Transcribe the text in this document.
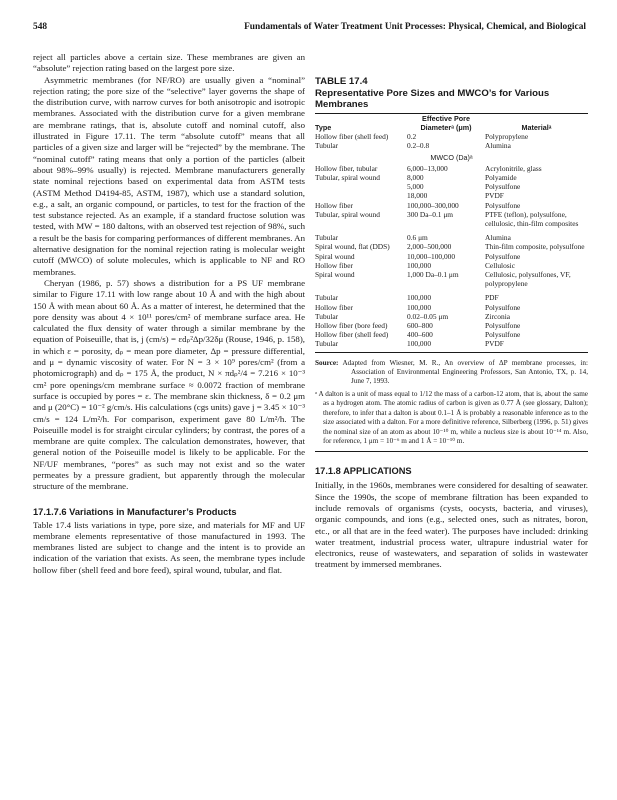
548	Fundamentals of Water Treatment Unit Processes: Physical, Chemical, and Biological

reject all particles above a certain size. These membranes are given an “absolute” rejection rating based on the largest pore size.

Asymmetric membranes (for NF/RO) are usually given a “nominal” rejection rating; the pore size of the “selective” layer governs the shape of the distribution curve, with narrow curves for both anisotropic and isotropic membranes. Associated with the distribution curve for a given membrane are membrane ratings, that is, absolute cutoff and nominal cutoff, also illustrated in Figure 17.11. The term “absolute cutoff” means that all particles of a given size and larger will be “rejected” by the membrane. The “nominal cutoff” rating means that only a portion of the particles (albeit about 98%–99% usually) is rejected. Membrane manufacturers generally state nominal rejections based on experimental data from ASTM tests (ASTM Method D4194-85, ASTM, 1987), which use a standard solution, e.g., a salt, an organic compound, or particles, to test for the fraction of the test substance rejected. As an example, if a standard fructose solution was tested, with MW = 180 daltons, with an observed test rejection of 98%, such a result be the basis for comparing performances of different membranes. An alternative designation for the nominal rejection rating is molecular weight cutoff (MWCO) of solute molecules, which is applicable to NF and RO membranes.

Cheryan (1986, p. 57) shows a distribution for a PS UF membrane similar to Figure 17.11 with low range about 10 Å and with the high about 150 Å with mean about 60 Å. As a matter of interest, he determined that the pore density was about 4 × 10¹¹ pores/cm² of membrane surface area. He calculated the flux density of water through a similar membrane by the equation of Poiseuille, that is, j (cm/s) = εdₚ²Δp/32δμ (Rouse, 1946, p. 158), in which ε = porosity, dₚ = mean pore diameter, Δp = pressure differential, and μ = dynamic viscosity of water. For N = 3 × 10⁹ pores/cm² (from a photomicrograph) and dₚ = 175 Å, the product, N × πdₚ²/4 = 7.216 × 10⁻³ cm² pore openings/cm membrane surface ≈ 0.0072 fraction of membrane surface is occupied by pores = ε. The membrane skin thickness, δ = 0.2 μm and μ (20°C) = 10⁻² g/cm/s. His calculations (cgs units) gave j = 3.45 × 10⁻³ cm/s = 124 L/m²/h. For comparison, experiment gave 80 L/m²/h. The Poiseuille model is for straight circular cylinders; by contrast, the pores of a membrane are quite complex. The calculation demonstrates, however, that general notion of the Poiseuille model is likely to be applicable. For the NF/UF membranes, “pores” as such may not exist and so the water permeates by a pressure gradient, but apparently through the molecular structure of the membrane.

17.1.7.6 Variations in Manufacturer’s Products

Table 17.4 lists variations in type, pore size, and materials for MF and UF membrane elements representative of those manufactured in 1993. The membranes listed are subject to change and the intent is to provide an indication of the variation that exists. As seen, the membrane types include hollow fiber (shell feed and bore feed), spiral wound, tubular, and flat.

TABLE 17.4
Representative Pore Sizes and MWCO’s for Various Membranes
Type	Effective Pore
Diameterᵃ (μm)	Materialᵃ
Hollow fiber (shell feed)	0.2	Polypropylene
Tubular	0.2–0.8	Alumina
MWCO (Da)ᵃ		
Hollow fiber, tubular	6,000–13,000	Acrylonitrile, glass
Tubular, spiral wound	8,000	Polyamide
	5,000	Polysulfone
	18,000	PVDF
Hollow fiber	100,000–300,000	Polysulfone
Tubular, spiral wound	300 Da–0.1 μm	PTFE (teflon), polysulfone, cellulosic, thin-film composites
Tubular	0.6 μm	Alumina
Spiral wound, flat (DDS)	2,000–500,000	Thin-film composite, polysulfone
Spiral wound	10,000–100,000	Polysulfone
Hollow fiber	100,000	Cellulosic
Spiral wound	1,000 Da–0.1 μm	Cellulosic, polysulfones, VF, polypropylene
Tubular	100,000	PDF
Hollow fiber	100,000	Polysulfone
Tubular	0.02–0.05 μm	Zirconia
Hollow fiber (bore feed)	600–800	Polysulfone
Hollow fiber (shell feed)	400–600	Polysulfone
Tubular	100,000	PVDF
Source: Adapted from Wiesner, M. R., An overview of ΔP membrane processes, in: Association of Environmental Engineering Professors, San Antonio, TX, p. 14, June 7, 1993.
ᵃ A dalton is a unit of mass equal to 1/12 the mass of a carbon-12 atom, that is, about the same as a hydrogen atom. The atomic radius of carbon is given as 0.77 Å (see glossary, Dalton); therefore, to infer that a dalton is about 0.1–1 Å is probably a reasonable inference as to the size associated with a dalton. For a more definitive reference, Silberberg (1996, p. 51) gives the nominal size of an atom as about 10⁻¹⁰ m, while a nucleus size is about 10⁻¹⁴ m. Also, for reference, 1 μm = 10⁻⁶ m and 1 Å = 10⁻¹⁰ m.
17.1.8 APPLICATIONS

Initially, in the 1960s, membranes were considered for desalting of seawater. Since the 1990s, the scope of membrane filtration has been expanded to include removals of organisms (cysts, oocysts, bacteria, and viruses), organic compounds, and ions (e.g., selected ones, such as nitrates, boron, etc., or all that are in the feed water). The purposes have included: drinking water treatment, industrial process water, ultrapure industrial water for electronics, reuse of wastewaters, and separation of solids in wastewater treatment by immersed membranes.
